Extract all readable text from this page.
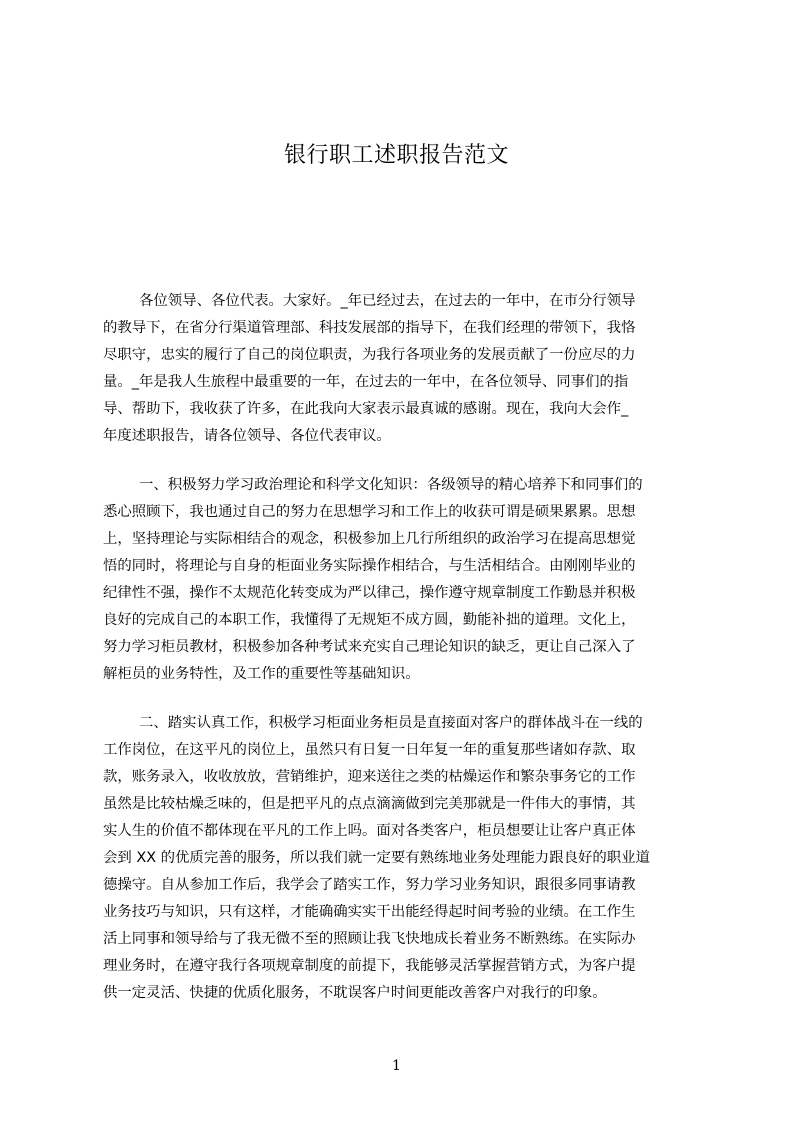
银行职工述职报告范文
各位领导、各位代表。大家好。_年已经过去，在过去的一年中，在市分行领导
的教导下，在省分行渠道管理部、科技发展部的指导下，在我们经理的带领下，我恪
尽职守，忠实的履行了自己的岗位职责，为我行各项业务的发展贡献了一份应尽的力
量。_年是我人生旅程中最重要的一年，在过去的一年中，在各位领导、同事们的指
导、帮助下，我收获了许多，在此我向大家表示最真诚的感谢。现在，我向大会作_
年度述职报告，请各位领导、各位代表审议。
一、积极努力学习政治理论和科学文化知识：各级领导的精心培养下和同事们的
悉心照顾下，我也通过自己的努力在思想学习和工作上的收获可谓是硕果累累。思想
上，坚持理论与实际相结合的观念，积极参加上几行所组织的政治学习在提高思想觉
悟的同时，将理论与自身的柜面业务实际操作相结合，与生活相结合。由刚刚毕业的
纪律性不强，操作不太规范化转变成为严以律己，操作遵守规章制度工作勤恳并积极
良好的完成自己的本职工作，我懂得了无规矩不成方圆，勤能补拙的道理。文化上，
努力学习柜员教材，积极参加各种考试来充实自己理论知识的缺乏，更让自己深入了
解柜员的业务特性，及工作的重要性等基础知识。
二、踏实认真工作，积极学习柜面业务柜员是直接面对客户的群体战斗在一线的
工作岗位，在这平凡的岗位上，虽然只有日复一日年复一年的重复那些诸如存款、取
款，账务录入，收收放放，营销维护，迎来送往之类的枯燥运作和繁杂事务它的工作
虽然是比较枯燥乏味的，但是把平凡的点点滴滴做到完美那就是一件伟大的事情，其
实人生的价值不都体现在平凡的工作上吗。面对各类客户，柜员想要让让客户真正体
会到 XX 的优质完善的服务，所以我们就一定要有熟练地业务处理能力跟良好的职业道
德操守。自从参加工作后，我学会了踏实工作，努力学习业务知识，跟很多同事请教
业务技巧与知识，只有这样，才能确确实实干出能经得起时间考验的业绩。在工作生
活上同事和领导给与了我无微不至的照顾让我飞快地成长着业务不断熟练。在实际办
理业务时，在遵守我行各项规章制度的前提下，我能够灵活掌握营销方式，为客户提
供一定灵活、快捷的优质化服务，不耽误客户时间更能改善客户对我行的印象。
1
